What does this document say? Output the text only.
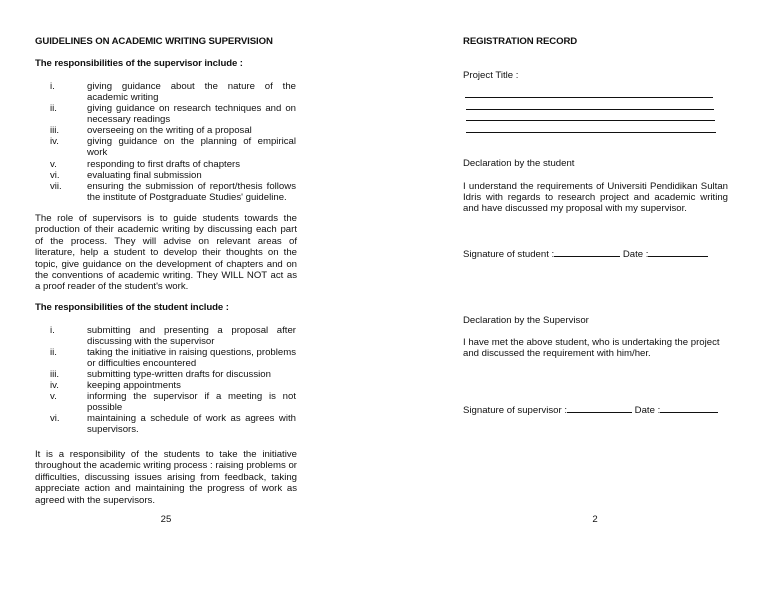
GUIDELINES ON ACADEMIC WRITING SUPERVISION
The responsibilities of the supervisor include :
i.	giving guidance about the nature of the academic writing
ii.	giving guidance on research techniques and on necessary readings
iii.	overseeing on the writing of a proposal
iv.	giving guidance on the planning of empirical work
v.	responding to first drafts of chapters
vi.	evaluating final submission
vii.	ensuring the submission of report/thesis follows the institute of Postgraduate Studies' guideline.
The role of supervisors is to guide students towards the production of their academic writing by discussing each part of the process. They will advise on relevant areas of literature, help a student to develop their thoughts on the topic, give guidance on the development of chapters and on the conventions of academic writing. They WILL NOT act as a proof reader of the student's work.
The responsibilities of the student include :
i.	submitting and presenting a proposal after discussing with the supervisor
ii.	taking the initiative in raising questions, problems or difficulties encountered
iii.	submitting type-written drafts for discussion
iv.	keeping appointments
v.	informing the supervisor if a meeting is not possible
vi.	maintaining a schedule of work as agrees with supervisors.
It is a responsibility of the students to take the initiative throughout the academic writing process : raising problems or difficulties, discussing issues arising from feedback, taking appreciate action and maintaining the progress of work as agreed with the supervisors.
25
REGISTRATION RECORD
Project Title :
Declaration by the student
I understand the requirements of Universiti Pendidikan Sultan Idris with regards to research project and academic writing and have discussed my proposal with my supervisor.
Signature of student :	Date :
Declaration by the Supervisor
I have met the above student, who is undertaking the project and discussed the requirement with him/her.
Signature of supervisor :	Date :
2
